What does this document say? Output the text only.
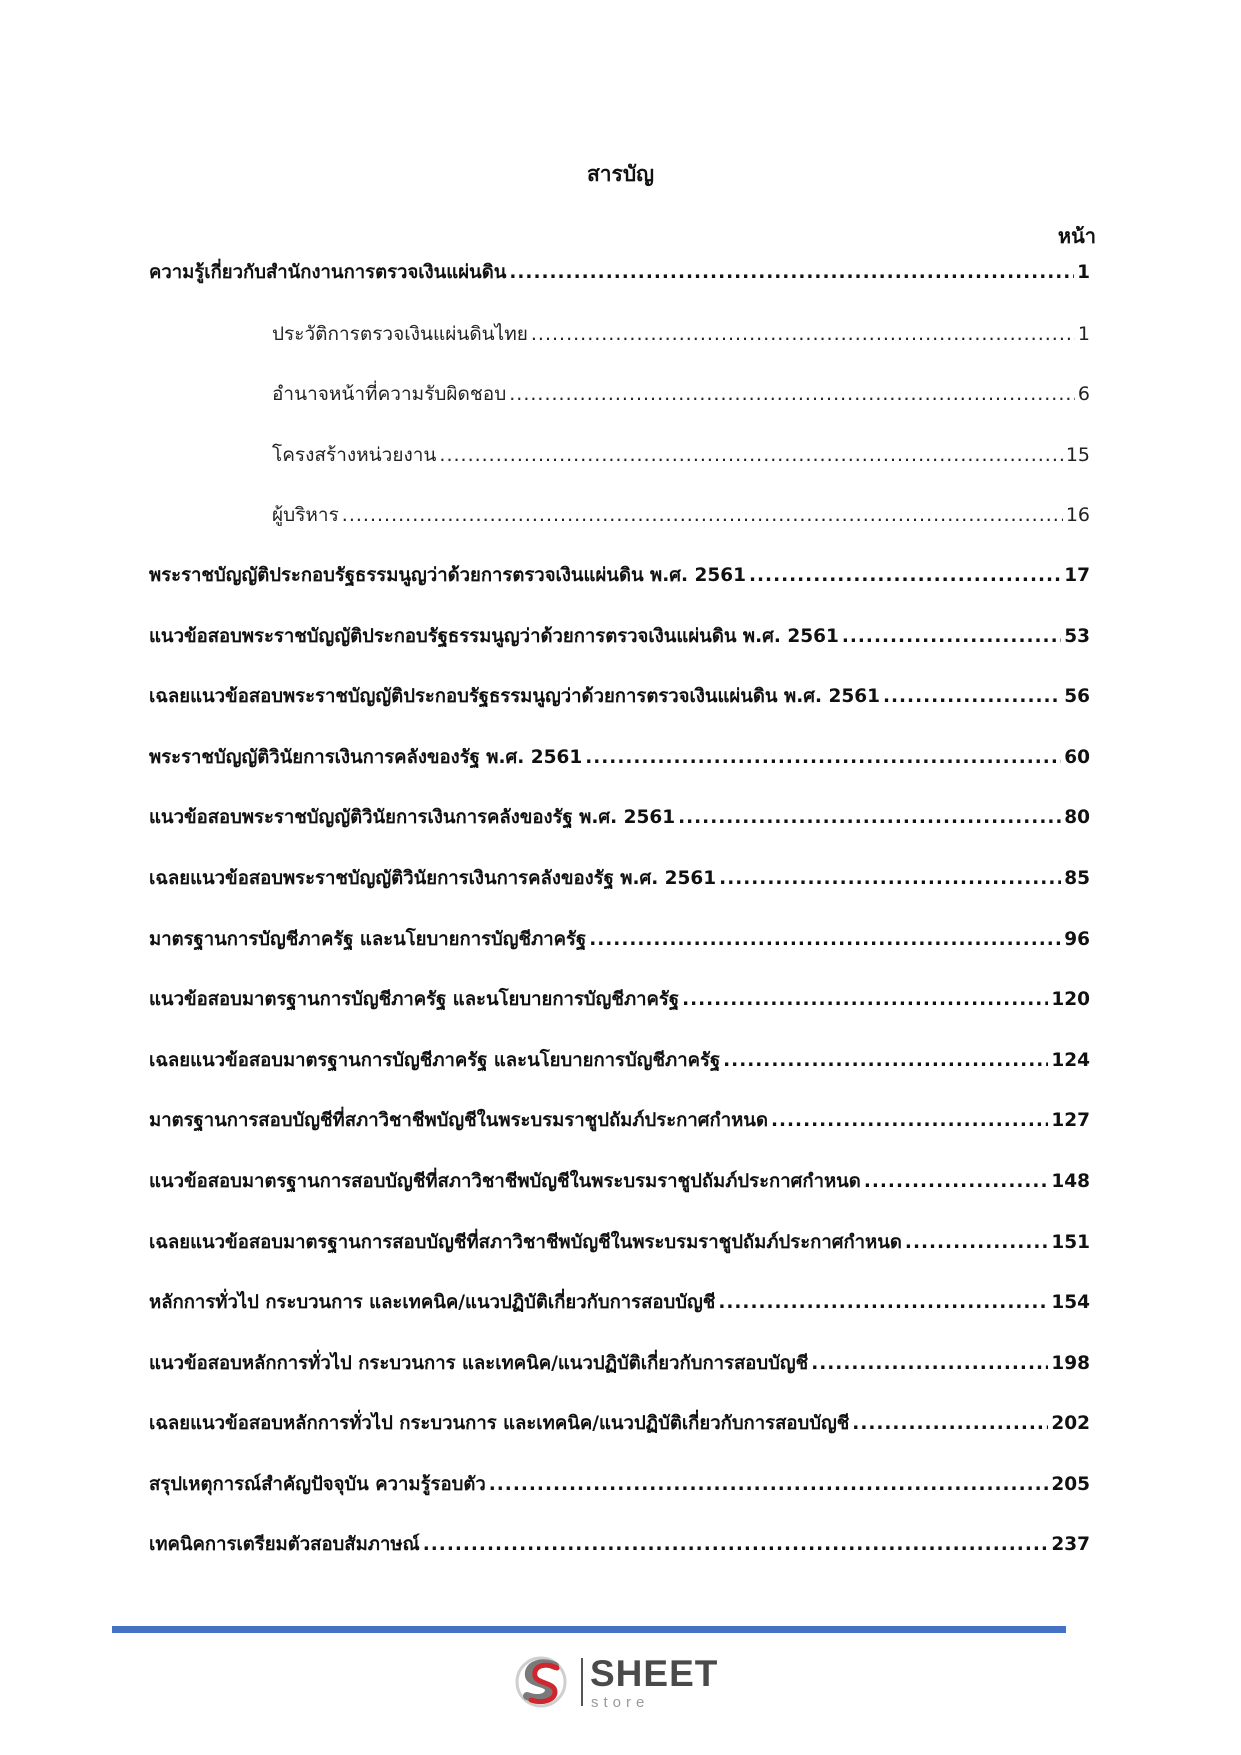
สารบัญ
หน้า
ความรู้เกี่ยวกับสำนักงานการตรวจเงินแผ่นดิน .....	1
ประวัติการตรวจเงินแผ่นดินไทย .....	1
อำนาจหน้าที่ความรับผิดชอบ .....	6
โครงสร้างหน่วยงาน .....	15
ผู้บริหาร .....	16
พระราชบัญญัติประกอบรัฐธรรมนูญว่าด้วยการตรวจเงินแผ่นดิน พ.ศ. 2561 .....	17
แนวข้อสอบพระราชบัญญัติประกอบรัฐธรรมนูญว่าด้วยการตรวจเงินแผ่นดิน พ.ศ. 2561 .....	53
เฉลยแนวข้อสอบพระราชบัญญัติประกอบรัฐธรรมนูญว่าด้วยการตรวจเงินแผ่นดิน พ.ศ. 2561 .....	56
พระราชบัญญัติวินัยการเงินการคลังของรัฐ พ.ศ. 2561 .....	60
แนวข้อสอบพระราชบัญญัติวินัยการเงินการคลังของรัฐ พ.ศ. 2561 .....	80
เฉลยแนวข้อสอบพระราชบัญญัติวินัยการเงินการคลังของรัฐ พ.ศ. 2561 .....	85
มาตรฐานการบัญชีภาครัฐ และนโยบายการบัญชีภาครัฐ .....	96
แนวข้อสอบมาตรฐานการบัญชีภาครัฐ และนโยบายการบัญชีภาครัฐ .....	120
เฉลยแนวข้อสอบมาตรฐานการบัญชีภาครัฐ และนโยบายการบัญชีภาครัฐ .....	124
มาตรฐานการสอบบัญชีที่สภาวิชาชีพบัญชีในพระบรมราชูปถัมภ์ประกาศกำหนด .....	127
แนวข้อสอบมาตรฐานการสอบบัญชีที่สภาวิชาชีพบัญชีในพระบรมราชูปถัมภ์ประกาศกำหนด .....	148
เฉลยแนวข้อสอบมาตรฐานการสอบบัญชีที่สภาวิชาชีพบัญชีในพระบรมราชูปถัมภ์ประกาศกำหนด .....	151
หลักการทั่วไป กระบวนการ และเทคนิค/แนวปฏิบัติเกี่ยวกับการสอบบัญชี .....	154
แนวข้อสอบหลักการทั่วไป กระบวนการ และเทคนิค/แนวปฏิบัติเกี่ยวกับการสอบบัญชี .....	198
เฉลยแนวข้อสอบหลักการทั่วไป กระบวนการ และเทคนิค/แนวปฏิบัติเกี่ยวกับการสอบบัญชี .....	202
สรุปเหตุการณ์สำคัญปัจจุบัน ความรู้รอบตัว .....	205
เทคนิคการเตรียมตัวสอบสัมภาษณ์ .....	237
SHEET
store
